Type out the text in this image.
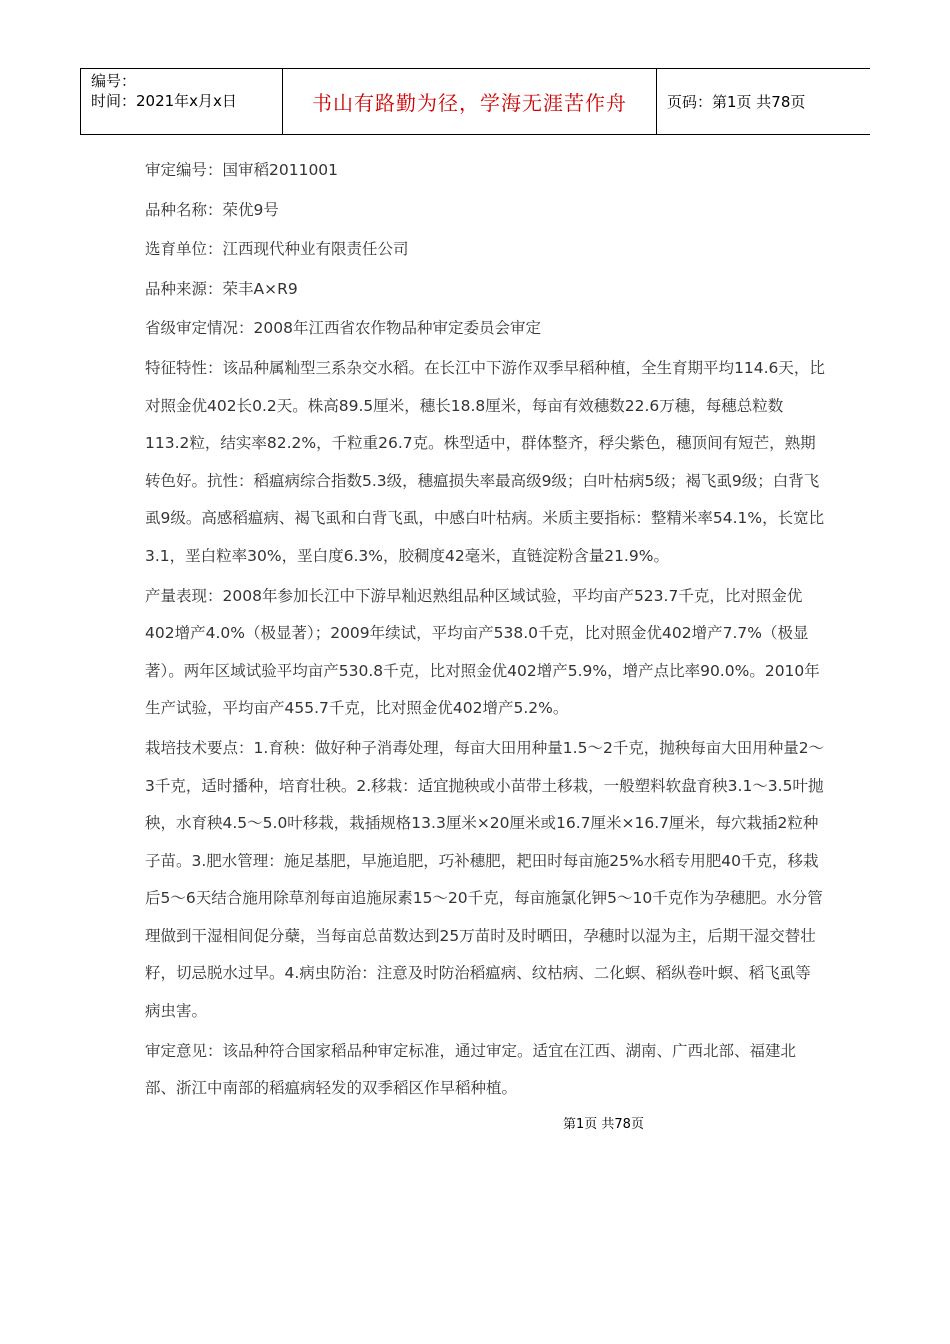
编号：
时间：2021年x月x日	书山有路勤为径，学海无涯苦作舟	页码：第1页 共78页

审定编号：国审稻2011001

品种名称：荣优9号

选育单位：江西现代种业有限责任公司

品种来源：荣丰A×R9

省级审定情况：2008年江西省农作物品种审定委员会审定

特征特性：该品种属籼型三系杂交水稻。在长江中下游作双季早稻种植，全生育期平均114.6天，比对照金优402长0.2天。株高89.5厘米，穗长18.8厘米，每亩有效穗数22.6万穗，每穗总粒数113.2粒，结实率82.2%，千粒重26.7克。株型适中，群体整齐，稃尖紫色，穗顶间有短芒，熟期转色好。抗性：稻瘟病综合指数5.3级，穗瘟损失率最高级9级；白叶枯病5级；褐飞虱9级；白背飞虱9级。高感稻瘟病、褐飞虱和白背飞虱，中感白叶枯病。米质主要指标：整精米率54.1%，长宽比3.1，垩白粒率30%，垩白度6.3%，胶稠度42毫米，直链淀粉含量21.9%。

产量表现：2008年参加长江中下游早籼迟熟组品种区域试验，平均亩产523.7千克，比对照金优402增产4.0%（极显著）；2009年续试，平均亩产538.0千克，比对照金优402增产7.7%（极显著）。两年区域试验平均亩产530.8千克，比对照金优402增产5.9%，增产点比率90.0%。2010年生产试验，平均亩产455.7千克，比对照金优402增产5.2%。

栽培技术要点：1.育秧：做好种子消毒处理，每亩大田用种量1.5～2千克，抛秧每亩大田用种量2～3千克，适时播种，培育壮秧。2.移栽：适宜抛秧或小苗带土移栽，一般塑料软盘育秧3.1～3.5叶抛秧，水育秧4.5～5.0叶移栽，栽插规格13.3厘米×20厘米或16.7厘米×16.7厘米，每穴栽插2粒种子苗。3.肥水管理：施足基肥，早施追肥，巧补穗肥，耙田时每亩施25%水稻专用肥40千克，移栽后5～6天结合施用除草剂每亩追施尿素15～20千克，每亩施氯化钾5～10千克作为孕穗肥。水分管理做到干湿相间促分蘖，当每亩总苗数达到25万苗时及时晒田，孕穗时以湿为主，后期干湿交替壮籽，切忌脱水过早。4.病虫防治：注意及时防治稻瘟病、纹枯病、二化螟、稻纵卷叶螟、稻飞虱等病虫害。

审定意见：该品种符合国家稻品种审定标准，通过审定。适宜在江西、湖南、广西北部、福建北部、浙江中南部的稻瘟病轻发的双季稻区作早稻种植。

第1页 共78页
